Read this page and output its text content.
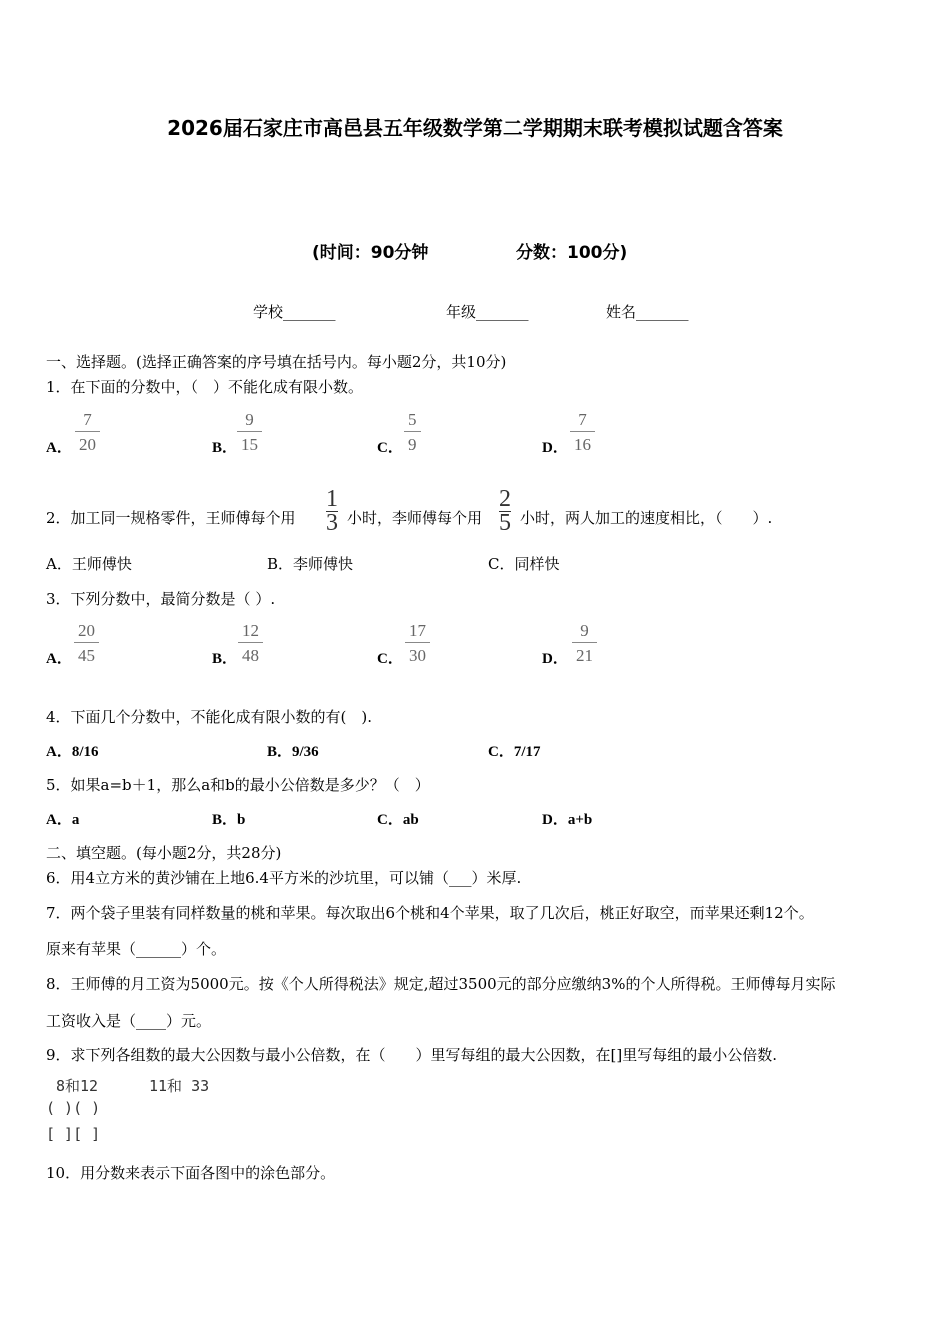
2026届石家庄市高邑县五年级数学第二学期期末联考模拟试题含答案
(时间：90分钟	分数：100分)
学校_______	年级_______	姓名_______
一、选择题。(选择正确答案的序号填在括号内。每小题2分，共10分)
1．在下面的分数中，（　）不能化成有限小数。
A．
7
20	B．
9
15	C．
5
9	D．
7
16
2．加工同一规格零件，王师傅每个用
1
3 小时，李师傅每个用
2
5 小时，两人加工的速度相比，（　　）.
A．王师傅快	B．李师傅快	C．同样快
3．下列分数中，最简分数是（ ）.
A．
20
45	B．
12
48	C．
17
30	D．
9
21
4．下面几个分数中，不能化成有限小数的有(　).
A．8/16	B．9/36	C．7/17
5．如果a=b＋1，那么a和b的最小公倍数是多少？（　）
A．a	B．b	C．ab	D．a+b
二、填空题。(每小题2分，共28分)
6．用4立方米的黄沙铺在上地6.4平方米的沙坑里，可以铺（___）米厚.
7．两个袋子里装有同样数量的桃和苹果。每次取出6个桃和4个苹果，取了几次后，桃正好取空，而苹果还剩12个。
原来有苹果（______）个。
8．王师傅的月工资为5000元。按《个人所得税法》规定,超过3500元的部分应缴纳3%的个人所得税。王师傅每月实际
工资收入是（____）元。
9．求下列各组数的最大公因数与最小公倍数，在（　　）里写每组的最大公因数，在[]里写每组的最小公倍数.
8和12	11和 33
( )( )
[ ][ ]
10．用分数来表示下面各图中的涂色部分。
